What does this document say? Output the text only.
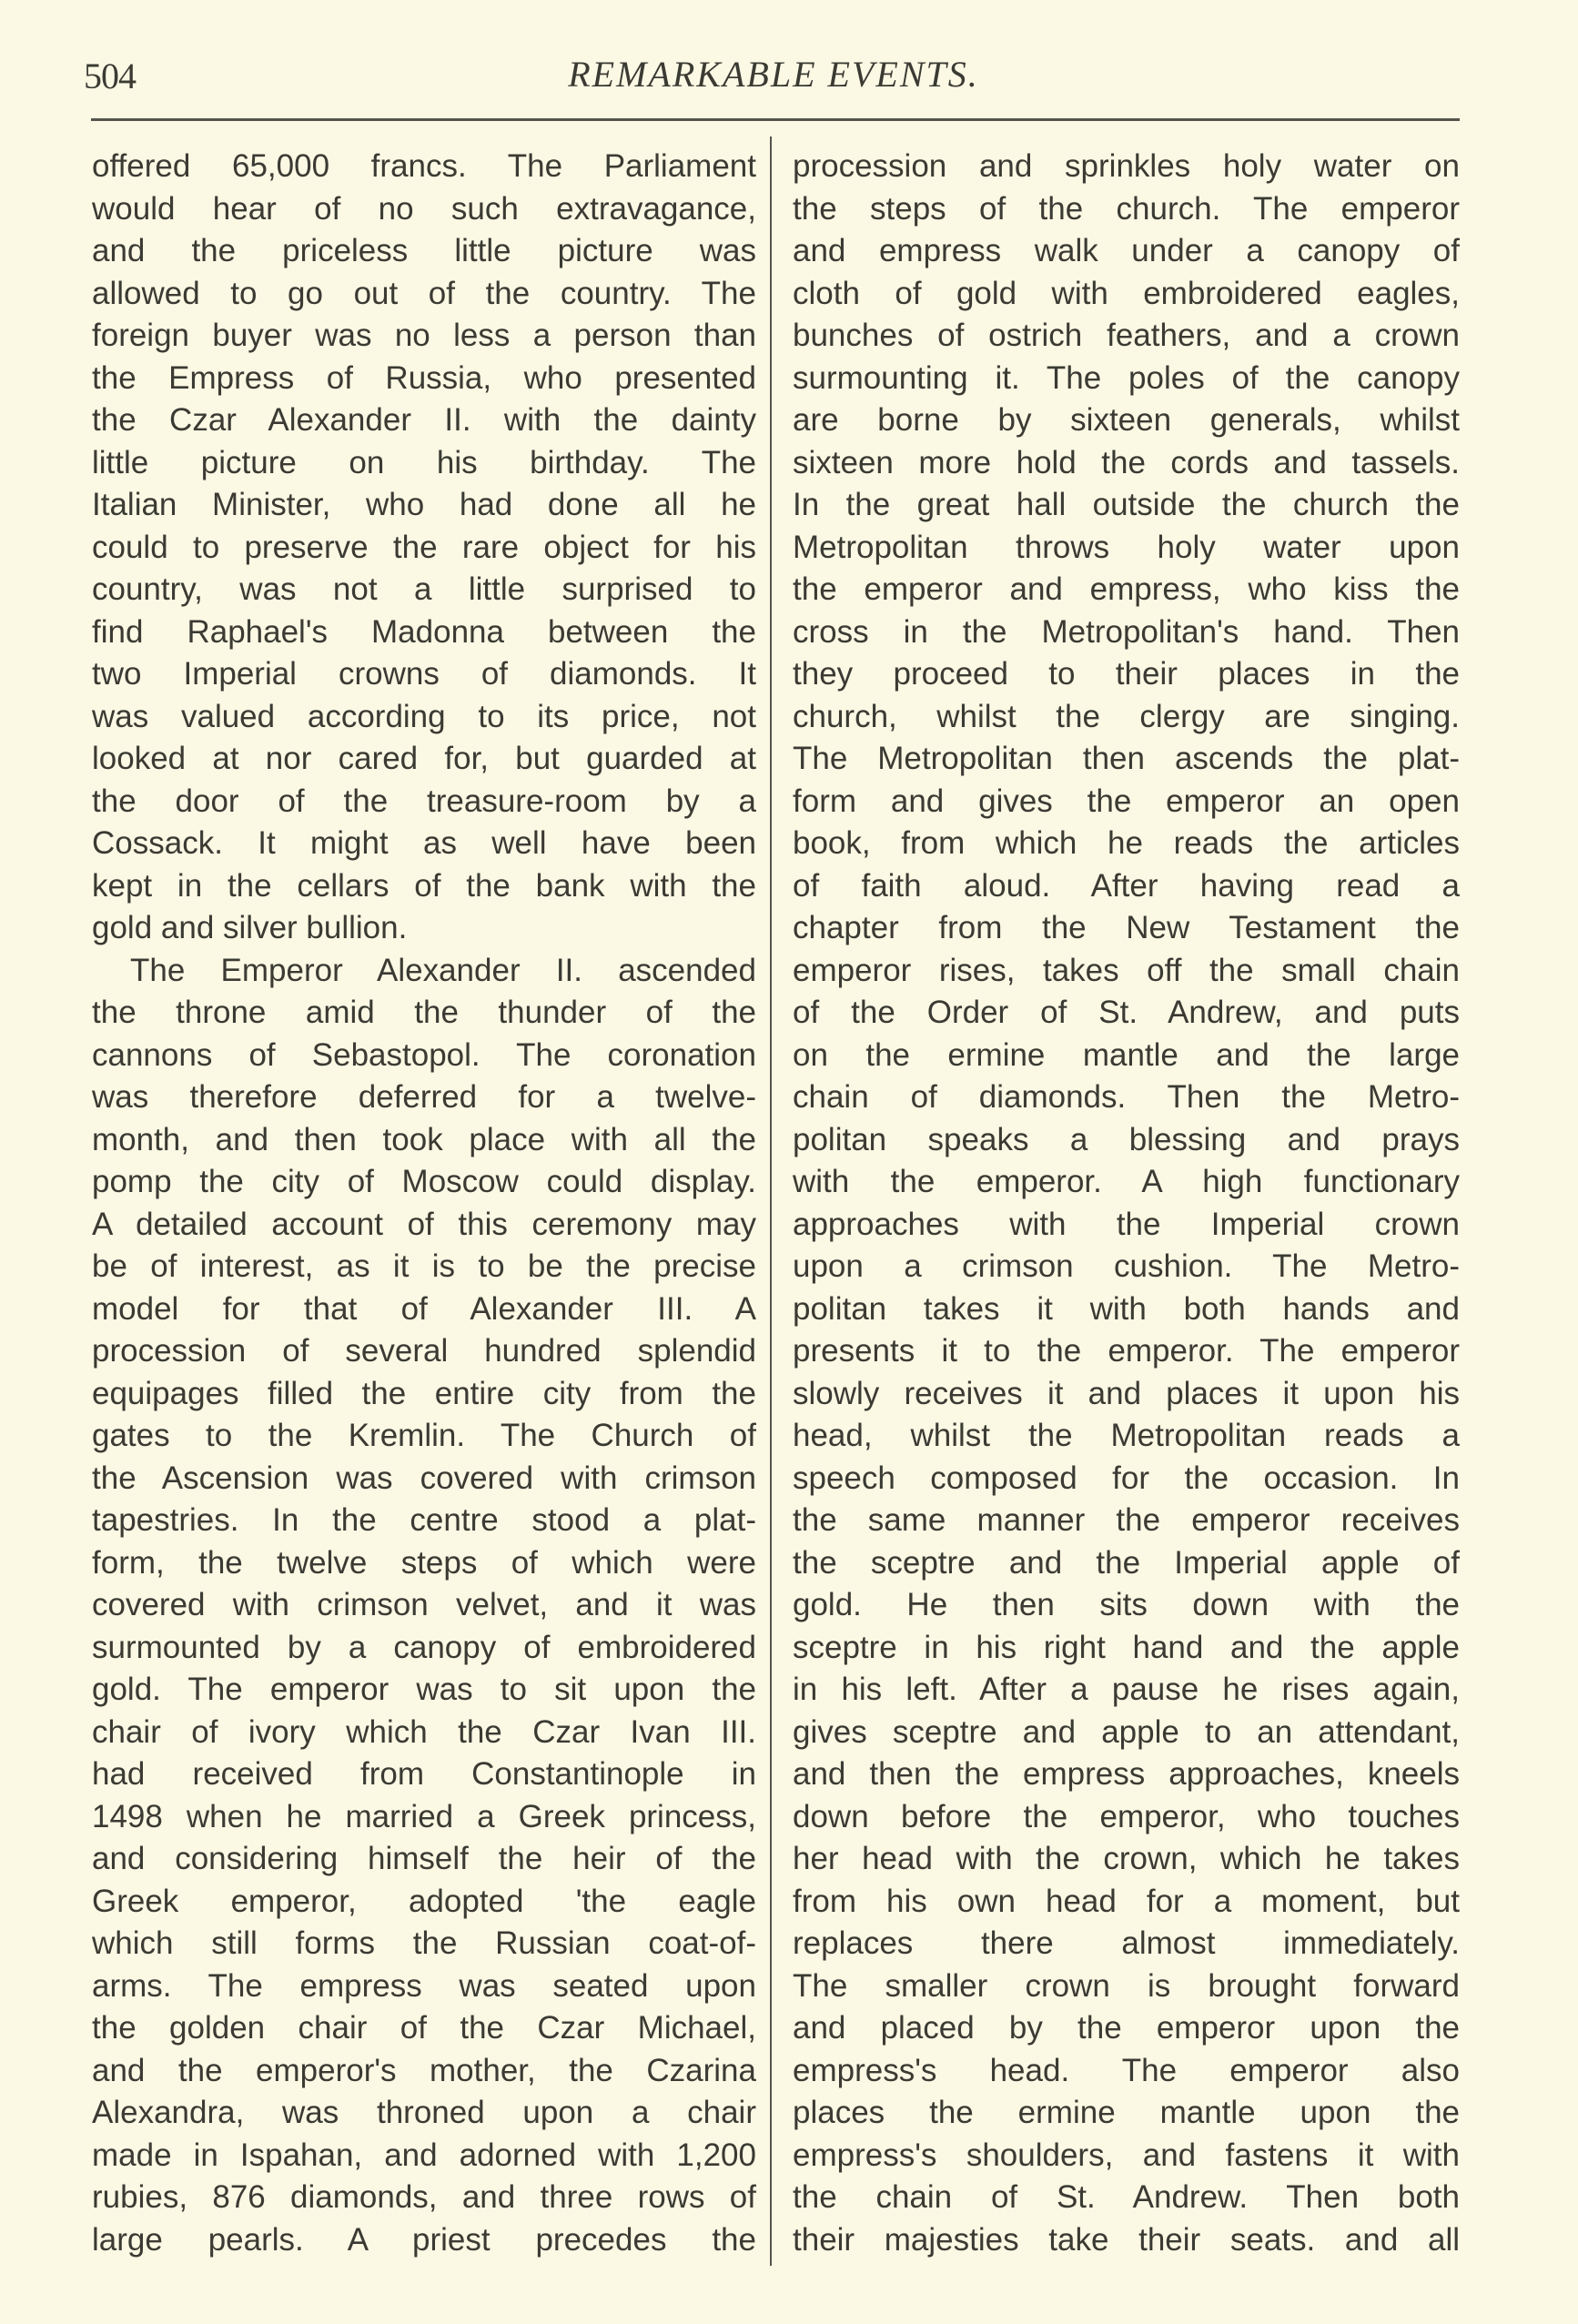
504	REMARKABLE EVENTS.
offered 65,000 francs. The Parliament
would hear of no such extravagance,
and the priceless little picture was
allowed to go out of the country. The
foreign buyer was no less a person than
the Empress of Russia, who presented
the Czar Alexander II. with the dainty
little picture on his birthday. The
Italian Minister, who had done all he
could to preserve the rare object for his
country, was not a little surprised to
find Raphael's Madonna between the
two Imperial crowns of diamonds. It
was valued according to its price, not
looked at nor cared for, but guarded at
the door of the treasure-room by a
Cossack. It might as well have been
kept in the cellars of the bank with the
gold and silver bullion.
The Emperor Alexander II. ascended
the throne amid the thunder of the
cannons of Sebastopol. The coronation
was therefore deferred for a twelve-
month, and then took place with all the
pomp the city of Moscow could display.
A detailed account of this ceremony may
be of interest, as it is to be the precise
model for that of Alexander III. A
procession of several hundred splendid
equipages filled the entire city from the
gates to the Kremlin. The Church of
the Ascension was covered with crimson
tapestries. In the centre stood a plat-
form, the twelve steps of which were
covered with crimson velvet, and it was
surmounted by a canopy of embroidered
gold. The emperor was to sit upon the
chair of ivory which the Czar Ivan III.
had received from Constantinople in
1498 when he married a Greek princess,
and considering himself the heir of the
Greek emperor, adopted 'the eagle
which still forms the Russian coat-of-
arms. The empress was seated upon
the golden chair of the Czar Michael,
and the emperor's mother, the Czarina
Alexandra, was throned upon a chair
made in Ispahan, and adorned with 1,200
rubies, 876 diamonds, and three rows of
large pearls. A priest precedes the
procession and sprinkles holy water on
the steps of the church. The emperor
and empress walk under a canopy of
cloth of gold with embroidered eagles,
bunches of ostrich feathers, and a crown
surmounting it. The poles of the canopy
are borne by sixteen generals, whilst
sixteen more hold the cords and tassels.
In the great hall outside the church the
Metropolitan throws holy water upon
the emperor and empress, who kiss the
cross in the Metropolitan's hand. Then
they proceed to their places in the
church, whilst the clergy are singing.
The Metropolitan then ascends the plat-
form and gives the emperor an open
book, from which he reads the articles
of faith aloud. After having read a
chapter from the New Testament the
emperor rises, takes off the small chain
of the Order of St. Andrew, and puts
on the ermine mantle and the large
chain of diamonds. Then the Metro-
politan speaks a blessing and prays
with the emperor. A high functionary
approaches with the Imperial crown
upon a crimson cushion. The Metro-
politan takes it with both hands and
presents it to the emperor. The emperor
slowly receives it and places it upon his
head, whilst the Metropolitan reads a
speech composed for the occasion. In
the same manner the emperor receives
the sceptre and the Imperial apple of
gold. He then sits down with the
sceptre in his right hand and the apple
in his left. After a pause he rises again,
gives sceptre and apple to an attendant,
and then the empress approaches, kneels
down before the emperor, who touches
her head with the crown, which he takes
from his own head for a moment, but
replaces there almost immediately.
The smaller crown is brought forward
and placed by the emperor upon the
empress's head. The emperor also
places the ermine mantle upon the
empress's shoulders, and fastens it with
the chain of St. Andrew. Then both
their majesties take their seats. and all
